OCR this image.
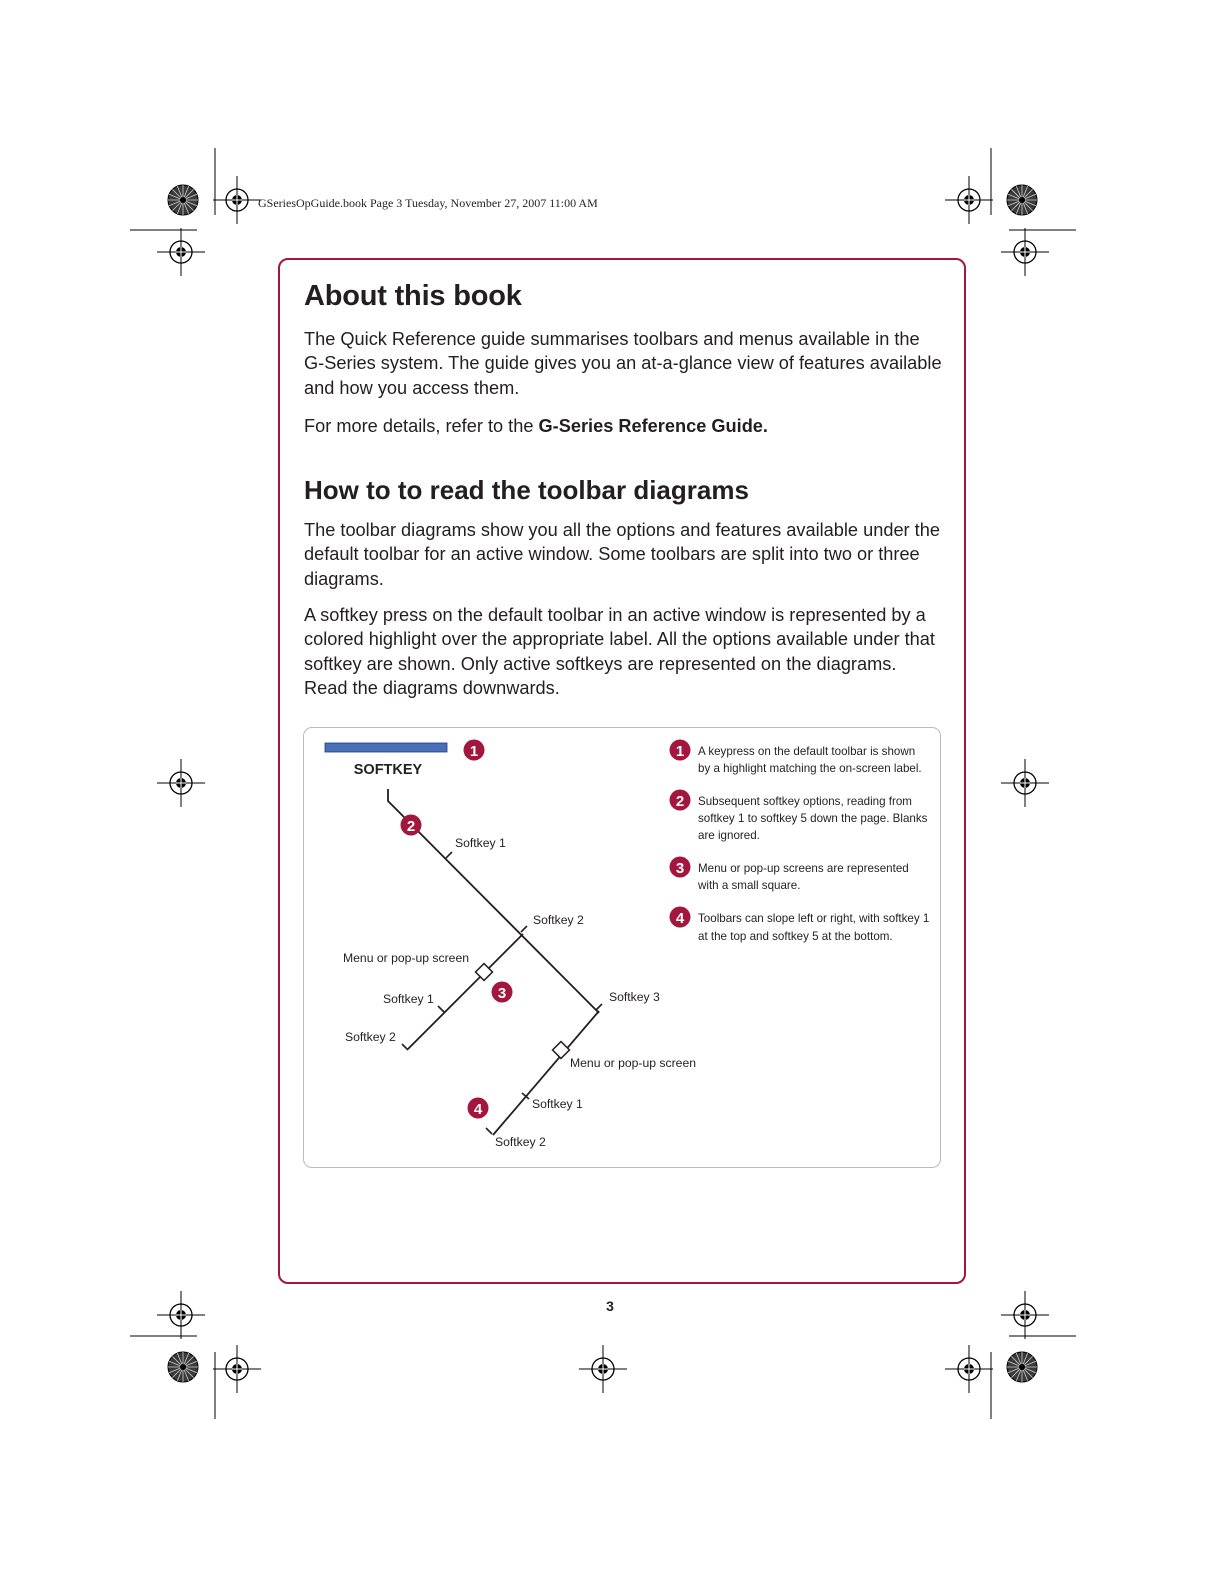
GSeriesOpGuide.book Page 3 Tuesday, November 27, 2007 11:00 AM
About this book

The Quick Reference guide summarises toolbars and menus available in the G-Series system. The guide gives you an at-a-glance view of features available and how you access them.

For more details, refer to the G-Series Reference Guide.

How to to read the toolbar diagrams

The toolbar diagrams show you all the options and features available under the default toolbar for an active window. Some toolbars are split into two or three diagrams.

A softkey press on the default toolbar in an active window is represented by a colored highlight over the appropriate label. All the options available under that softkey are shown. Only active softkeys are represented on the diagrams. Read the diagrams downwards.

SOFTKEY
Softkey 1
Softkey 2
Softkey 3
Menu or pop-up screen
Softkey 1
Softkey 2
Menu or pop-up screen
Softkey 1
Softkey 2
1
2
3
4
1 A keypress on the default toolbar is shown
by a highlight matching the on-screen label.
2 Subsequent softkey options, reading from
softkey 1 to softkey 5 down the page. Blanks
are ignored.
3 Menu or pop-up screens are represented
with a small square.
4 Toolbars can slope left or right, with softkey 1
at the top and softkey 5 at the bottom.
3
